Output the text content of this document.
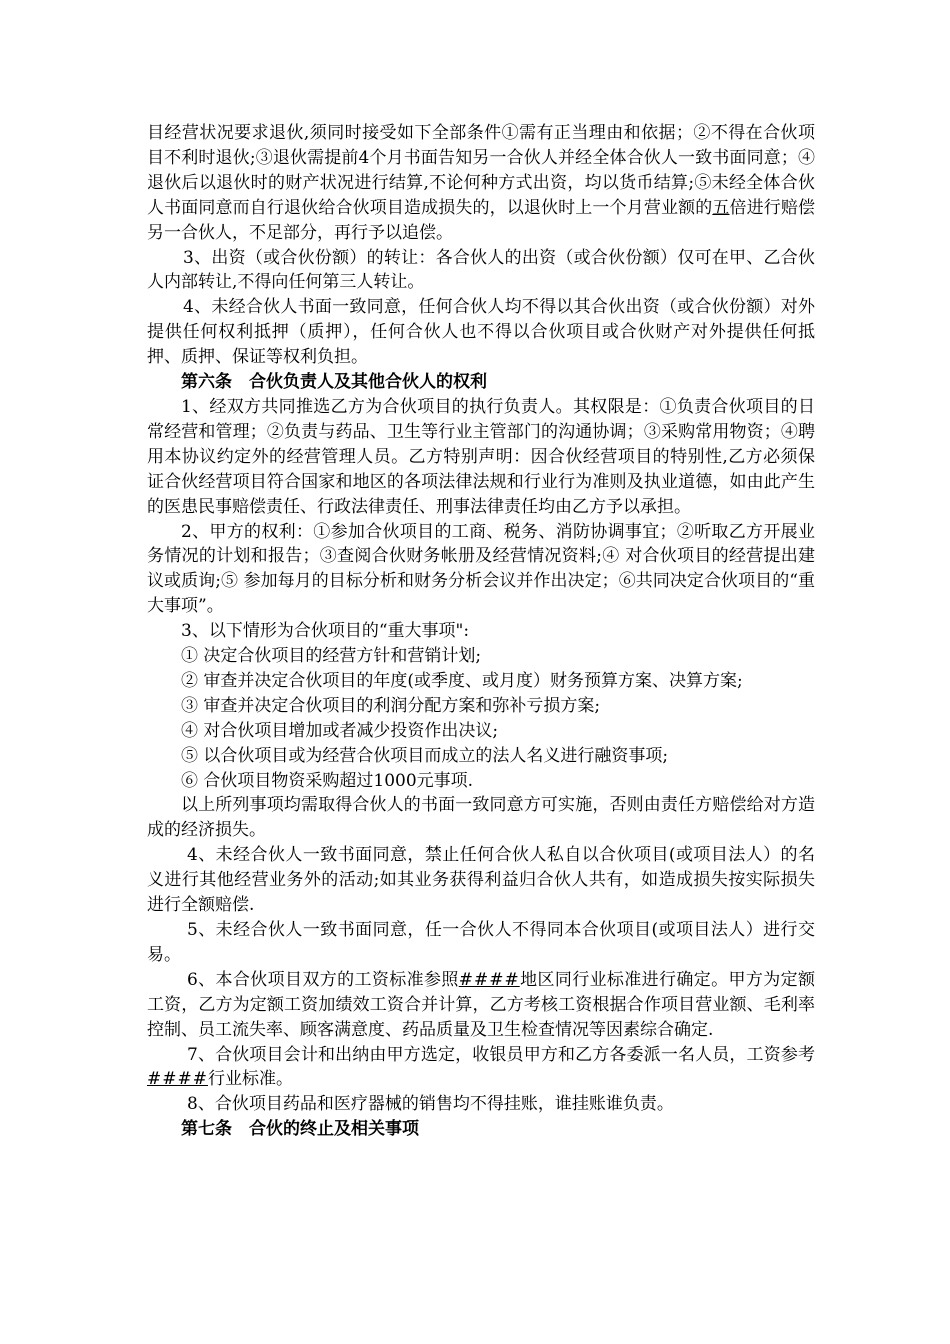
目经营状况要求退伙,须同时接受如下全部条件①需有正当理由和依据；②不得在合伙项目不利时退伙;③退伙需提前4个月书面告知另一合伙人并经全体合伙人一致书面同意；④退伙后以退伙时的财产状况进行结算,不论何种方式出资，均以货币结算;⑤未经全体合伙人书面同意而自行退伙给合伙项目造成损失的，以退伙时上一个月营业额的五倍进行赔偿另一合伙人，不足部分，再行予以追偿。

3、出资（或合伙份额）的转让：各合伙人的出资（或合伙份额）仅可在甲、乙合伙人内部转让,不得向任何第三人转让。

4、未经合伙人书面一致同意，任何合伙人均不得以其合伙出资（或合伙份额）对外提供任何权利抵押（质押），任何合伙人也不得以合伙项目或合伙财产对外提供任何抵押、质押、保证等权利负担。

第六条　合伙负责人及其他合伙人的权利

1、经双方共同推选乙方为合伙项目的执行负责人。其权限是：①负责合伙项目的日常经营和管理；②负责与药品、卫生等行业主管部门的沟通协调；③采购常用物资；④聘用本协议约定外的经营管理人员。乙方特别声明：因合伙经营项目的特别性,乙方必须保证合伙经营项目符合国家和地区的各项法律法规和行业行为准则及执业道德，如由此产生的医患民事赔偿责任、行政法律责任、刑事法律责任均由乙方予以承担。

2、甲方的权利：①参加合伙项目的工商、税务、消防协调事宜；②听取乙方开展业务情况的计划和报告；③查阅合伙财务帐册及经营情况资料;④ 对合伙项目的经营提出建议或质询;⑤ 参加每月的目标分析和财务分析会议并作出决定；⑥共同决定合伙项目的“重大事项”。

3、以下情形为合伙项目的“重大事项":

① 决定合伙项目的经营方针和营销计划;

② 审查并决定合伙项目的年度(或季度、或月度）财务预算方案、决算方案;

③ 审查并决定合伙项目的利润分配方案和弥补亏损方案;

④ 对合伙项目增加或者减少投资作出决议;

⑤ 以合伙项目或为经营合伙项目而成立的法人名义进行融资事项;

⑥ 合伙项目物资采购超过1000元事项.

以上所列事项均需取得合伙人的书面一致同意方可实施，否则由责任方赔偿给对方造成的经济损失。

4、未经合伙人一致书面同意，禁止任何合伙人私自以合伙项目(或项目法人）的名义进行其他经营业务外的活动;如其业务获得利益归合伙人共有，如造成损失按实际损失进行全额赔偿.

5、未经合伙人一致书面同意，任一合伙人不得同本合伙项目(或项目法人）进行交易。

6、本合伙项目双方的工资标准参照####地区同行业标准进行确定。甲方为定额工资，乙方为定额工资加绩效工资合并计算，乙方考核工资根据合作项目营业额、毛利率控制、员工流失率、顾客满意度、药品质量及卫生检查情况等因素综合确定.

7、合伙项目会计和出纳由甲方选定，收银员甲方和乙方各委派一名人员，工资参考####行业标准。

8、合伙项目药品和医疗器械的销售均不得挂账，谁挂账谁负责。

第七条　合伙的终止及相关事项
